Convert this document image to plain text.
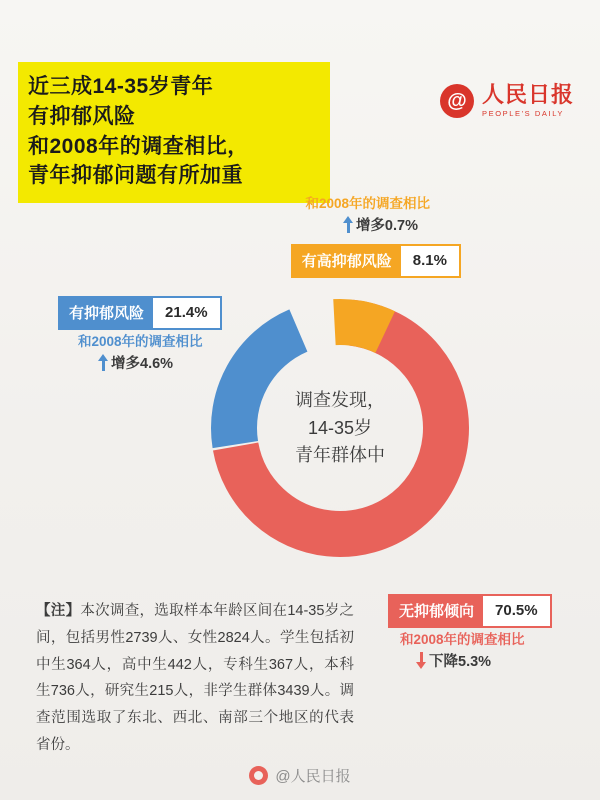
近三成14-35岁青年
有抑郁风险
和2008年的调查相比，
青年抑郁问题有所加重
@ 人民日报
PEOPLE'S DAILY
和2008年的调查相比
增多0.7%
有高抑郁风险	8.1%
有抑郁风险	21.4%
和2008年的调查相比
增多4.6%
调查发现，
14-35岁
青年群体中
无抑郁倾向	70.5%
和2008年的调查相比
下降5.3%
【注】本次调查，选取样本年龄区间在14-35岁之间，包括男性2739人、女性2824人。学生包括初中生364人，高中生442人，专科生367人，本科生736人，研究生215人，非学生群体3439人。调查范围选取了东北、西北、南部三个地区的代表省份。
@人民日报
